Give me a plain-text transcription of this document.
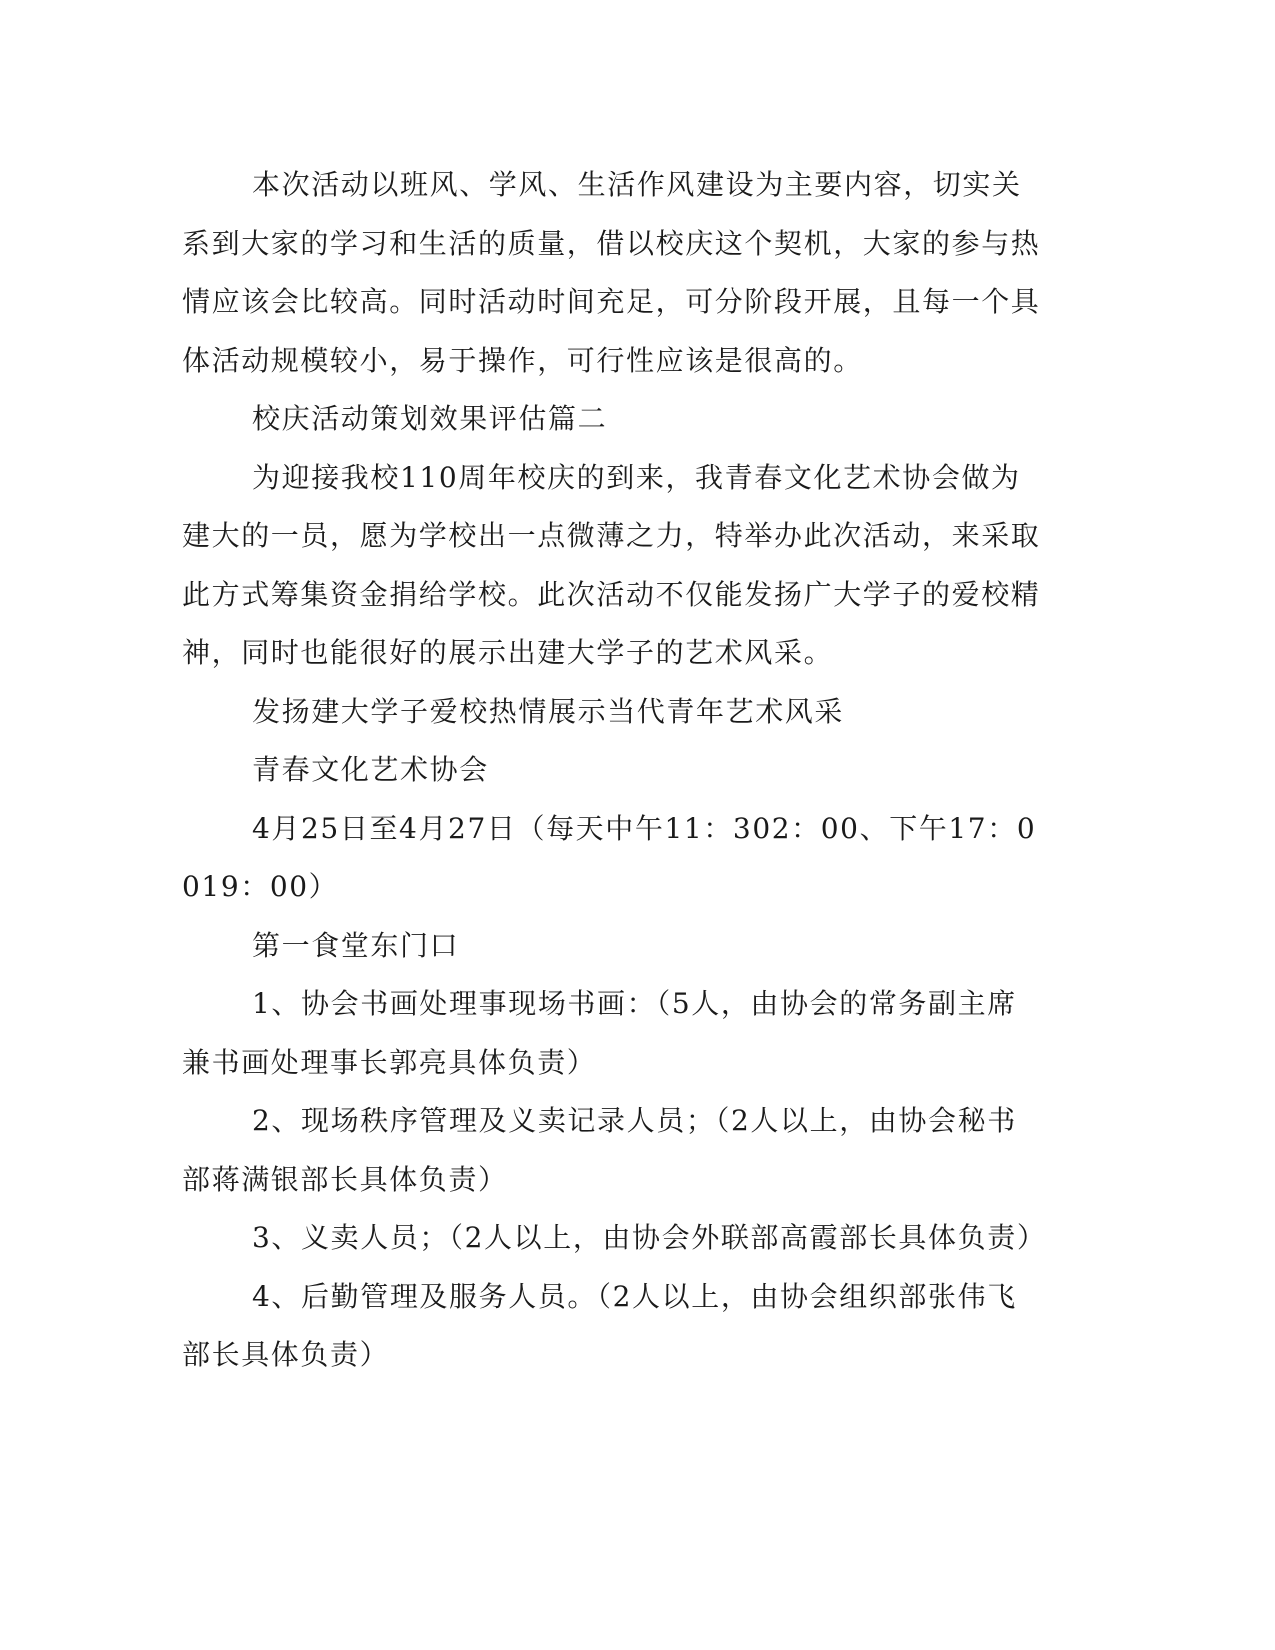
本次活动以班风、学风、生活作风建设为主要内容，切实关系到大家的学习和生活的质量，借以校庆这个契机，大家的参与热情应该会比较高。同时活动时间充足，可分阶段开展，且每一个具体活动规模较小，易于操作，可行性应该是很高的。

校庆活动策划效果评估篇二

为迎接我校110周年校庆的到来，我青春文化艺术协会做为建大的一员，愿为学校出一点微薄之力，特举办此次活动，来采取此方式筹集资金捐给学校。此次活动不仅能发扬广大学子的爱校精神，同时也能很好的展示出建大学子的艺术风采。

发扬建大学子爱校热情展示当代青年艺术风采

青春文化艺术协会

4月25日至4月27日（每天中午11：302：00、下午17：0019：00）

第一食堂东门口

1、协会书画处理事现场书画：（5人，由协会的常务副主席兼书画处理事长郭亮具体负责）

2、现场秩序管理及义卖记录人员；（2人以上，由协会秘书部蒋满银部长具体负责）

3、义卖人员；（2人以上，由协会外联部高霞部长具体负责）

4、后勤管理及服务人员。（2人以上，由协会组织部张伟飞部长具体负责）
